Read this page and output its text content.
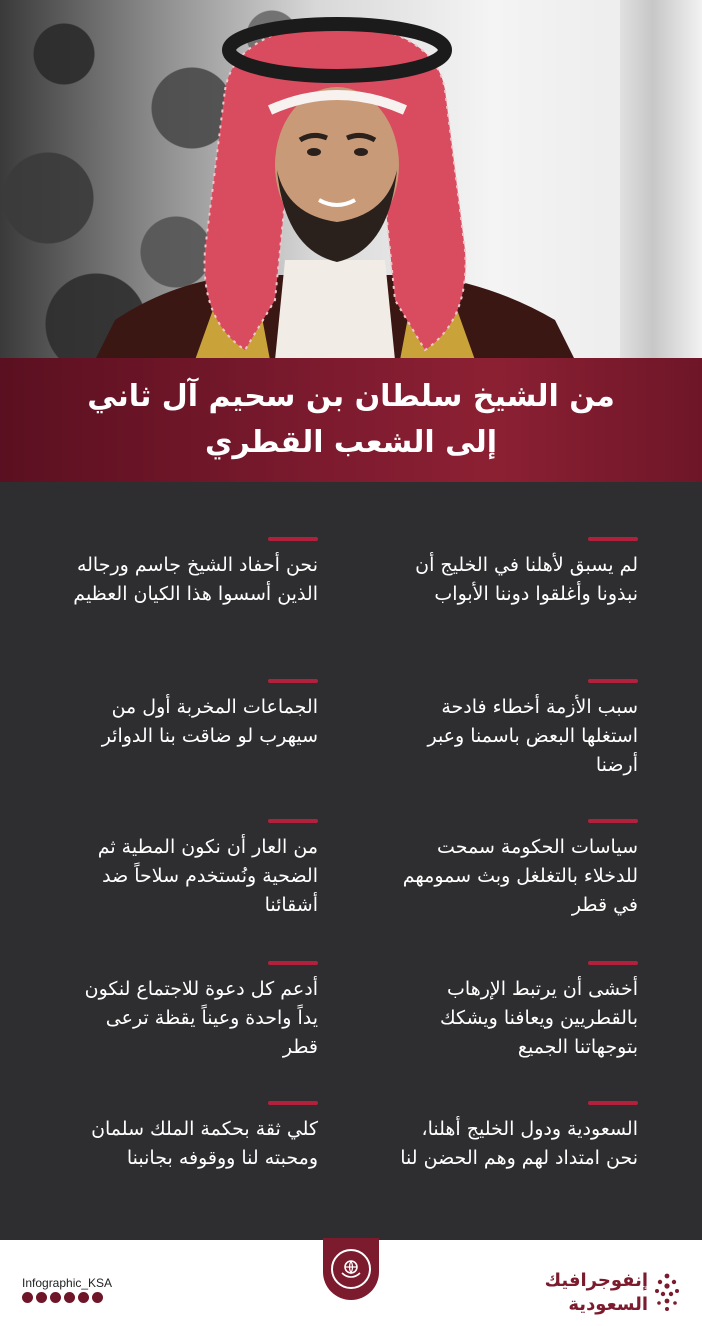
من الشيخ سلطان بن سحيم آل ثاني
إلى الشعب القطري
لم يسبق لأهلنا في الخليج أن نبذونا وأغلقوا دوننا الأبواب
نحن أحفاد الشيخ جاسم ورجاله الذين أسسوا هذا الكيان العظيم
سبب الأزمة أخطاء فادحة استغلها البعض باسمنا وعبر أرضنا
الجماعات المخربة أول من سيهرب لو ضاقت بنا الدوائر
سياسات الحكومة سمحت للدخلاء بالتغلغل وبث سمومهم في قطر
من العار أن نكون المطية ثم الضحية ونُستخدم سلاحاً ضد أشقائنا
أخشى أن يرتبط الإرهاب بالقطريين ويعافنا ويشكك بتوجهاتنا الجميع
أدعم كل دعوة للاجتماع لنكون يداً واحدة وعيناً يقظة ترعى قطر
السعودية ودول الخليج أهلنا، نحن امتداد لهم وهم الحضن لنا
كلي ثقة بحكمة الملك سلمان ومحبته لنا ووقوفه بجانبنا
Infographic_KSA	إنفوجرافيك
السعودية
